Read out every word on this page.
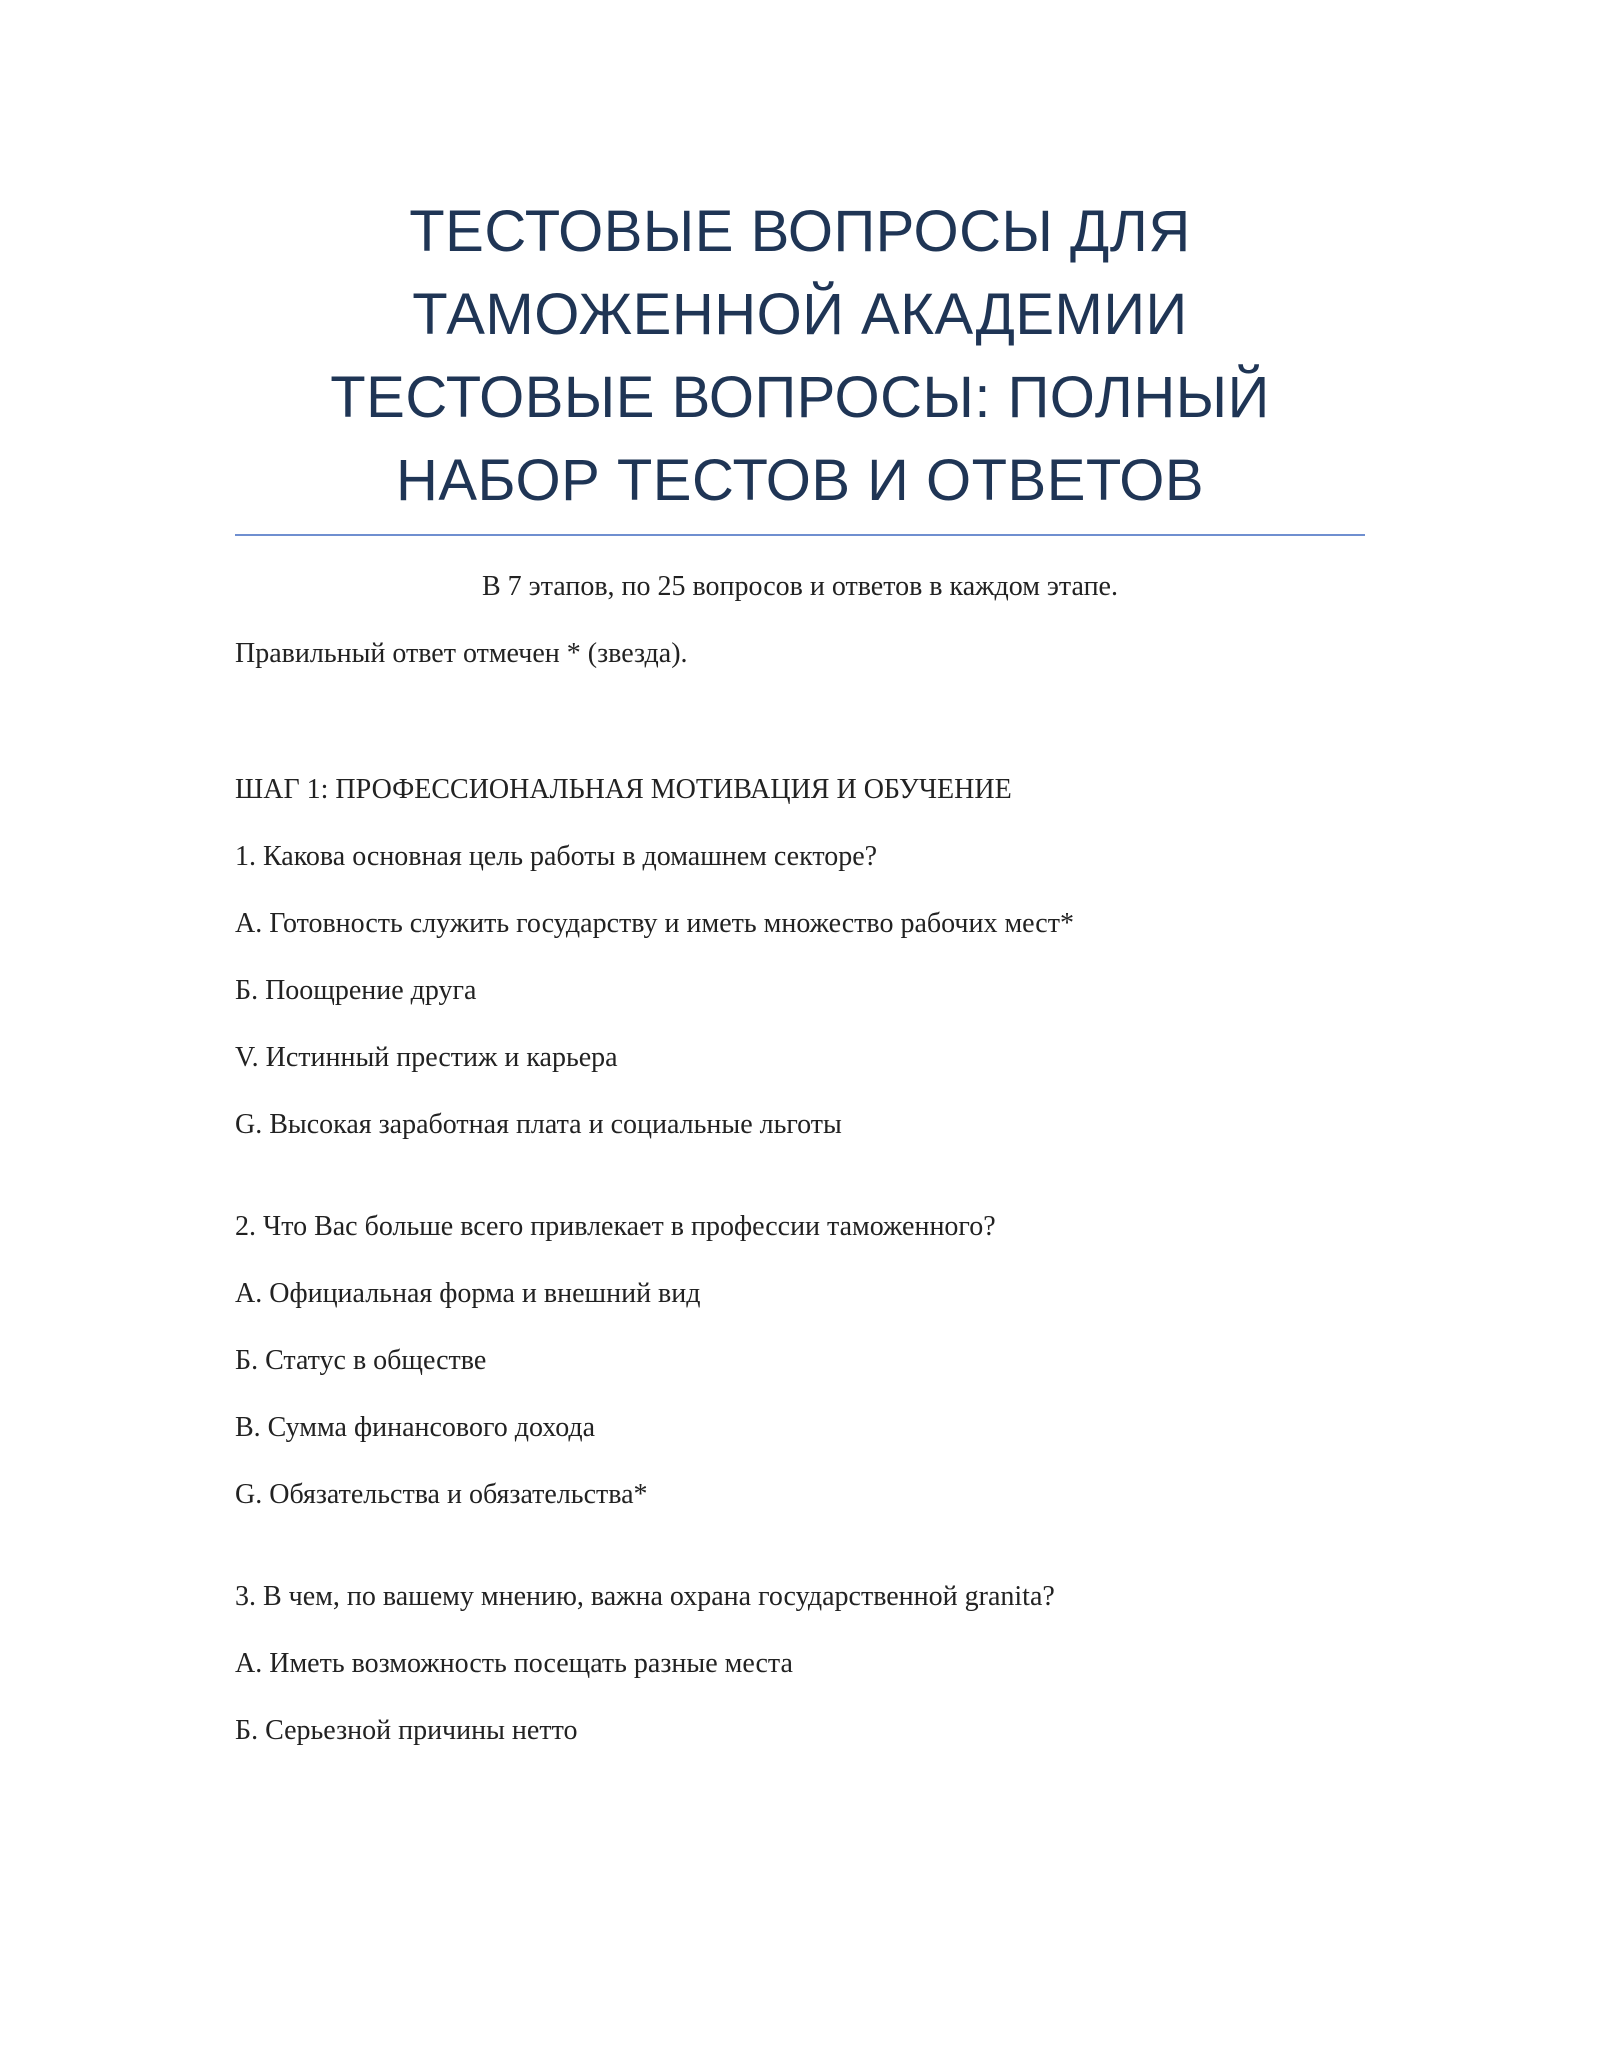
ТЕСТОВЫЕ ВОПРОСЫ ДЛЯ
ТАМОЖЕННОЙ АКАДЕМИИ
ТЕСТОВЫЕ ВОПРОСЫ: ПОЛНЫЙ
НАБОР ТЕСТОВ И ОТВЕТОВ

В 7 этапов, по 25 вопросов и ответов в каждом этапе.

Правильный ответ отмечен * (звезда).

ШАГ 1: ПРОФЕССИОНАЛЬНАЯ МОТИВАЦИЯ И ОБУЧЕНИЕ

1. Какова основная цель работы в домашнем секторе?

А. Готовность служить государству и иметь множество рабочих мест*

Б. Поощрение друга

V. Истинный престиж и карьера

G. Высокая заработная плата и социальные льготы

2. Что Вас больше всего привлекает в профессии таможенного?

А. Официальная форма и внешний вид

Б. Статус в обществе

В. Сумма финансового дохода

G. Обязательства и обязательства*

3. В чем, по вашему мнению, важна охрана государственной granita?

А. Иметь возможность посещать разные места

Б. Серьезной причины нетто
